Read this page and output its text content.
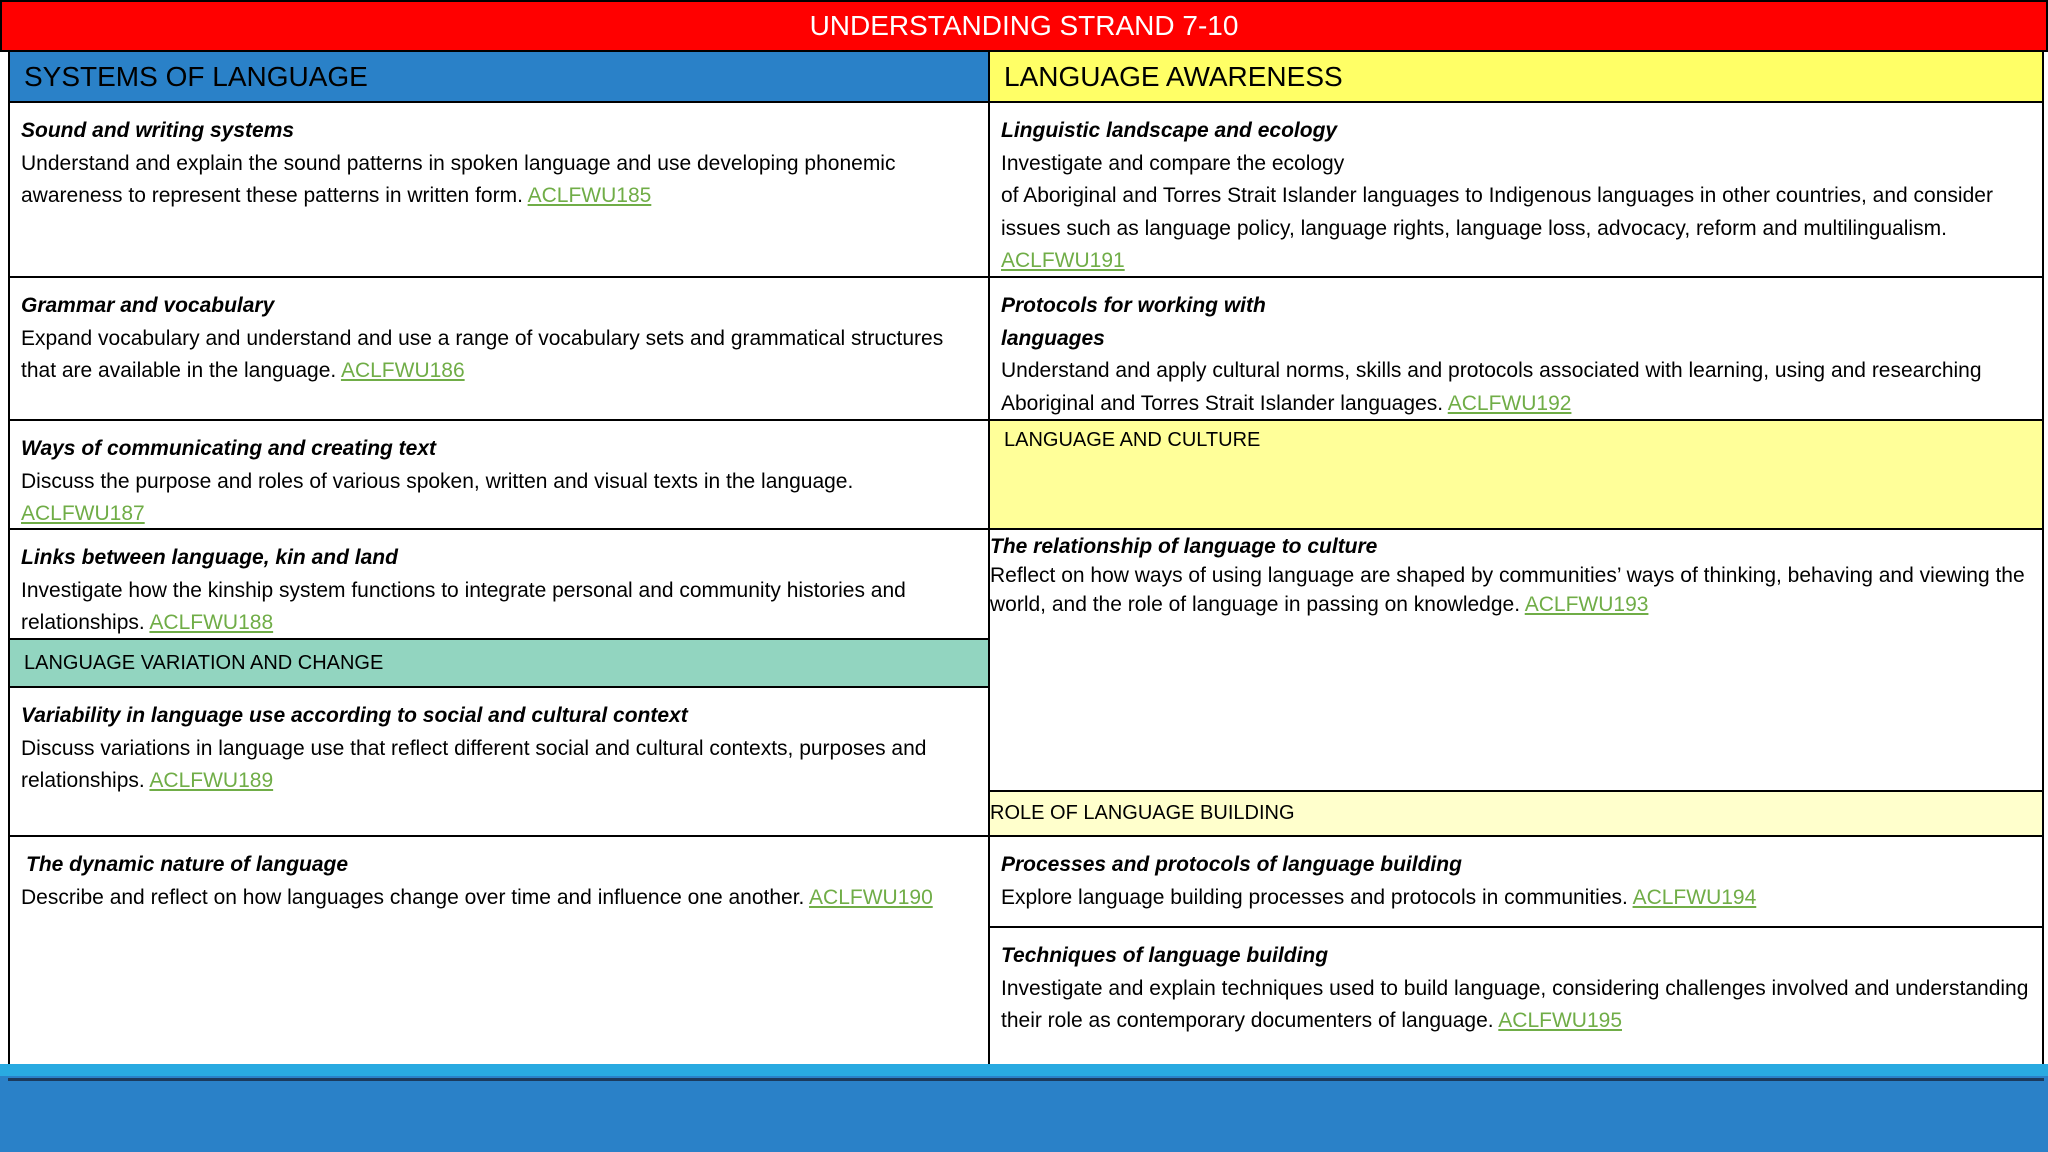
UNDERSTANDING STRAND 7-10
SYSTEMS OF LANGUAGE	LANGUAGE AWARENESS
Sound and writing systems
Understand and explain the sound patterns in spoken language and use developing phonemic awareness to represent these patterns in written form. ACLFWU185
Grammar and vocabulary
Expand vocabulary and understand and use a range of vocabulary sets and grammatical structures that are available in the language. ACLFWU186
Ways of communicating and creating text
Discuss the purpose and roles of various spoken, written and visual texts in the language. ACLFWU187
Links between language, kin and land
Investigate how the kinship system functions to integrate personal and community histories and relationships. ACLFWU188
LANGUAGE VARIATION AND CHANGE
Variability in language use according to social and cultural context
Discuss variations in language use that reflect different social and cultural contexts, purposes and relationships. ACLFWU189
The dynamic nature of language
Describe and reflect on how languages change over time and influence one another. ACLFWU190
Linguistic landscape and ecology
Investigate and compare the ecology
of Aboriginal and Torres Strait Islander languages to Indigenous languages in other countries, and consider issues such as language policy, language rights, language loss, advocacy, reform and multilingualism. ACLFWU191
Protocols for working with
languages
Understand and apply cultural norms, skills and protocols associated with learning, using and researching Aboriginal and Torres Strait Islander languages. ACLFWU192
LANGUAGE AND CULTURE
The relationship of language to culture
Reflect on how ways of using language are shaped by communities’ ways of thinking, behaving and viewing the world, and the role of language in passing on knowledge. ACLFWU193
ROLE OF LANGUAGE BUILDING
Processes and protocols of language building
Explore language building processes and protocols in communities. ACLFWU194
Techniques of language building
Investigate and explain techniques used to build language, considering challenges involved and understanding their role as contemporary documenters of language. ACLFWU195
